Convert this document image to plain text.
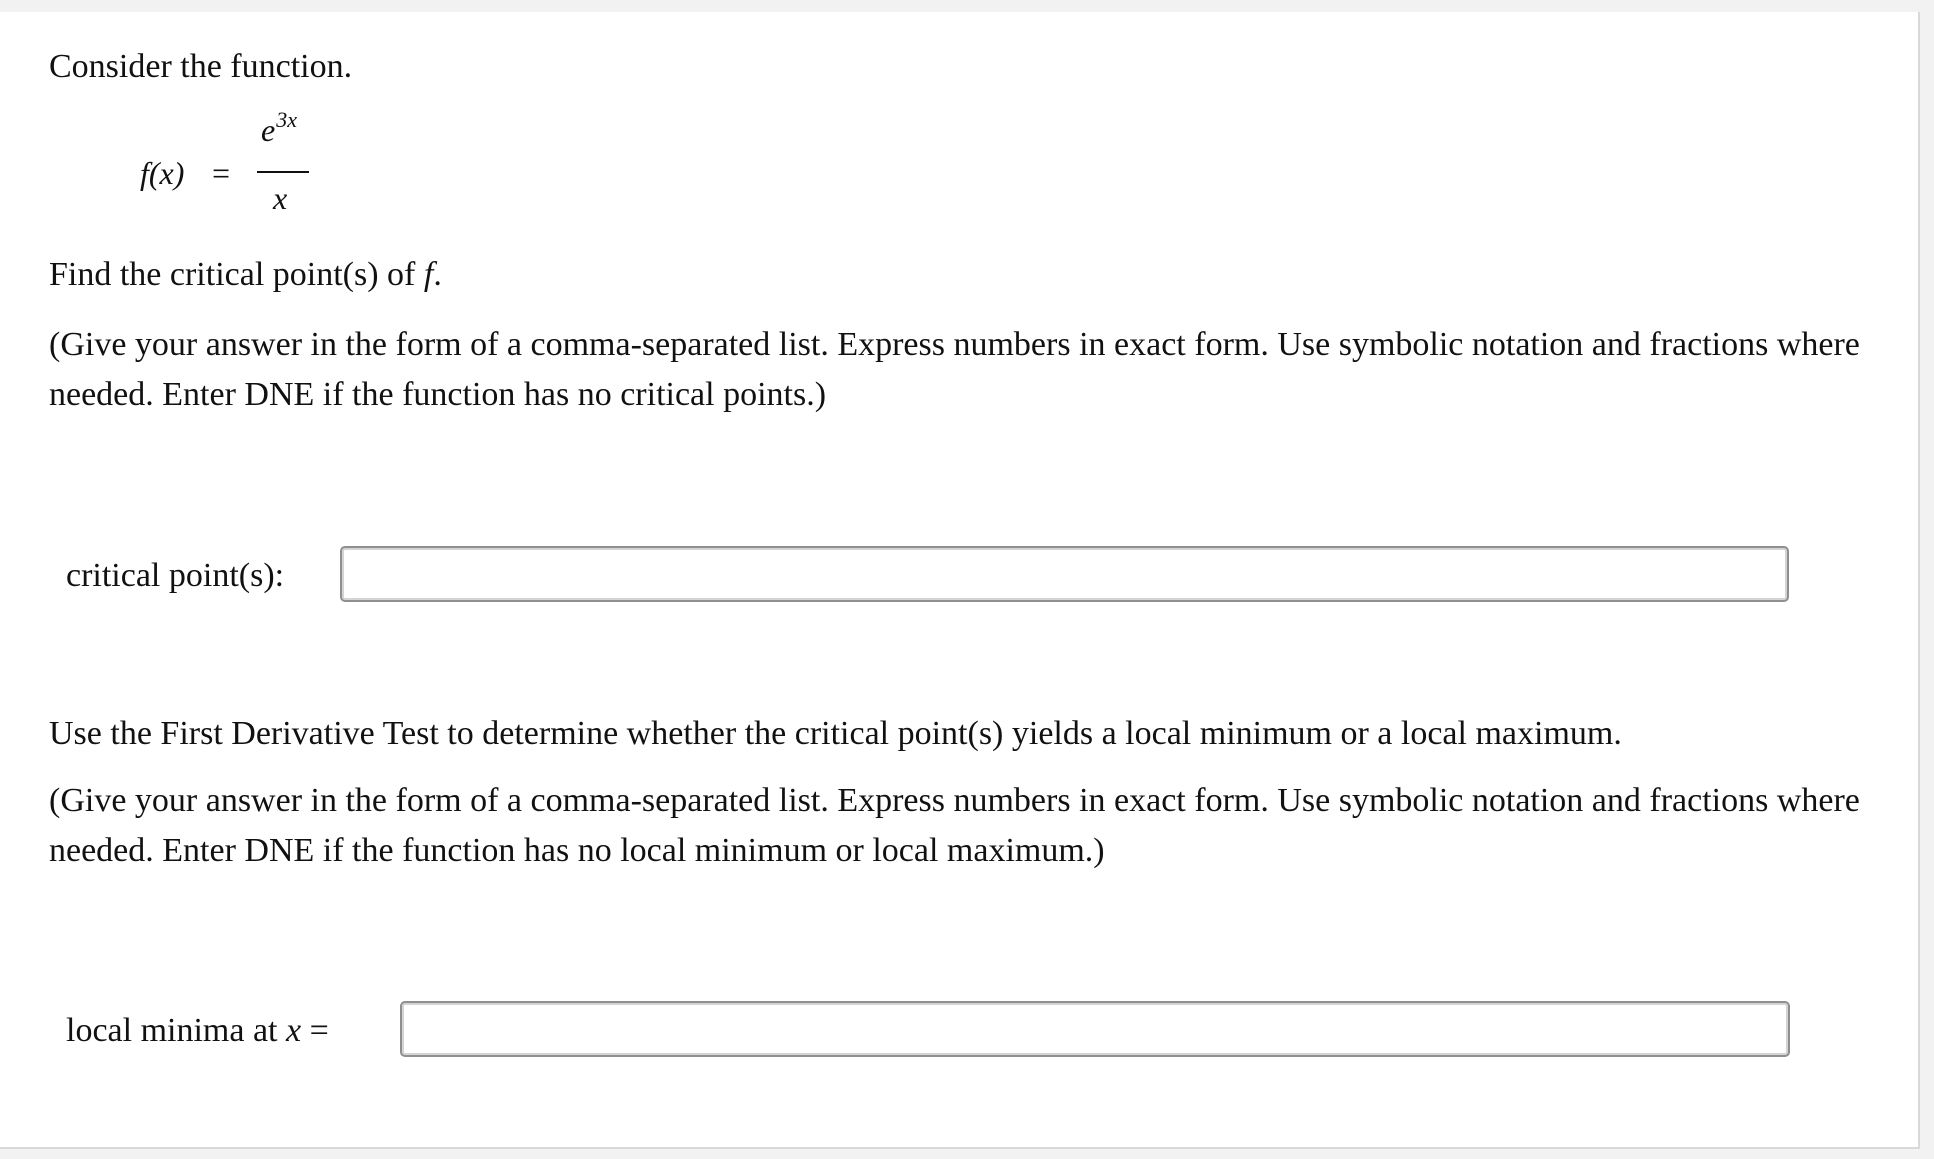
Consider the function.

f(x) =
$e^{3x}$
x

Find the critical point(s) of f.

(Give your answer in the form of a comma-separated list. Express numbers in exact form. Use symbolic notation and fractions where needed. Enter DNE if the function has no critical points.)

critical point(s):

Use the First Derivative Test to determine whether the critical point(s) yields a local minimum or a local maximum.

(Give your answer in the form of a comma-separated list. Express numbers in exact form. Use symbolic notation and fractions where needed. Enter DNE if the function has no local minimum or local maximum.)

local minima at x =
